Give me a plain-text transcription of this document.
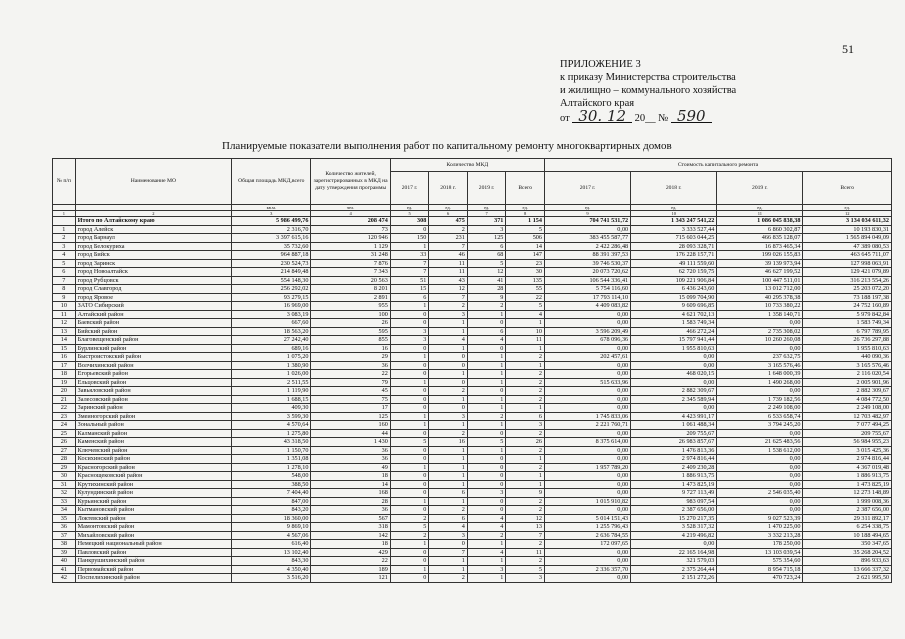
51
ПРИЛОЖЕНИЕ 3
к приказу Министерства строительства
и жилищно – коммунального хозяйства
Алтайского края
от 30. 12 20__ № 590
Планируемые показатели выполнения работ по капитальному ремонту многоквартирных домов
№ п/п	Наименование МО	Общая площадь МКД,всего	Количество жителей, зарегистрированных в МКД на дату утверждения программы	Количество МКД				Стоимость капитального ремонта			
				2017 г.	2018 г.	2019 г.	Всего	2017 г.	2018 г.	2019 г.	Всего
		кв.м.	чел.	ед.	ед.	ед.	ед.	ед.	ед.	ед.	ед.
1	2	3	4	5	6	7	8	9	10	11	12
	Итого по Алтайскому краю	5 986 499,76	208 474	308	475	371	1 154	704 741 531,72	1 343 247 541,22	1 086 045 838,38	3 134 034 611,32
1	город Алейск	2 316,70	73	0	2	3	5	0,00	3 333 527,44	6 860 302,87	10 193 830,31
2	город Барнаул	3 397 615,16	120 946	150	231	125	506	383 455 587,77	715 603 044,25	466 835 128,07	1 565 894 049,09
3	город Белокуриха	35 732,60	1 129	1	7	6	14	2 422 286,48	28 093 328,71	16 873 465,34	47 389 080,53
4	город Бийск	964 887,18	31 248	33	46	68	147	88 391 397,53	176 228 157,71	199 026 155,83	463 645 711,07
5	город Заринск	230 524,73	7 876	7	11	5	23	39 746 530,37	49 111 559,60	39 139 973,94	127 998 063,91
6	город Новоалтайск	214 849,48	7 343	7	11	12	30	20 073 720,62	62 720 159,75	46 627 199,52	129 421 079,89
7	город Рубцовск	554 148,30	20 563	51	43	41	135	106 544 336,41	109 221 906,84	100 447 511,01	316 213 554,26
8	город Славгород	256 292,02	8 201	15	12	28	55	5 754 116,60	6 436 243,60	13 012 712,00	25 203 072,20
9	город Яровое	93 279,15	2 891	6	7	9	22	17 793 114,10	15 099 704,90	40 295 378,38	73 188 197,38
10	ЗАТО Сибирский	16 969,00	955	1	2	2	5	4 409 083,82	9 609 696,85	10 733 380,22	24 752 160,89
11	Алтайский район	3 083,19	100	0	3	1	4	0,00	4 621 702,13	1 358 140,71	5 979 842,84
12	Баевский район	667,60	26	0	1	0	1	0,00	1 583 749,34	0,00	1 583 749,34
13	Бийский район	18 563,20	595	3	1	6	10	3 596 209,49	466 272,24	2 735 308,02	6 797 789,95
14	Благовещенский район	27 242,40	855	3	4	4	11	678 096,36	15 797 941,44	10 260 260,08	26 736 297,88
15	Бурлинский район	689,16	16	0	1	0	1	0,00	1 955 810,63	0,00	1 955 810,63
16	Быстроистокский район	1 075,20	29	1	0	1	2	202 457,61	0,00	237 632,75	440 090,36
17	Волчихинский район	1 380,90	36	0	0	1	1	0,00	0,00	3 165 576,46	3 165 576,46
18	Егорьевский район	1 026,00	22	0	1	1	2	0,00	468 020,15	1 648 000,39	2 116 020,54
19	Ельцовский район	2 511,55	79	1	0	1	2	515 633,96	0,00	1 490 268,00	2 005 901,96
20	Завьяловский район	1 119,90	45	0	2	0	2	0,00	2 882 309,67	0,00	2 882 309,67
21	Залесовский район	1 688,15	75	0	1	1	2	0,00	2 345 589,94	1 739 182,56	4 084 772,50
22	Заринский район	409,30	17	0	0	1	1	0,00	0,00	2 249 108,00	2 249 108,00
23	Змеиногорский район	3 599,30	125	1	3	2	6	1 745 833,06	4 423 991,17	6 533 658,74	12 703 482,97
24	Зональный район	4 570,64	160	1	1	1	3	2 221 760,71	1 061 488,34	3 794 245,20	7 077 494,25
25	Калманский район	1 275,80	44	0	2	0	2	0,00	209 755,67	0,00	209 755,67
26	Каменский район	43 318,50	1 430	5	16	5	26	8 375 614,00	26 983 857,67	21 625 483,56	56 984 955,23
27	Ключевский район	1 150,70	36	0	1	1	2	0,00	1 476 813,36	1 538 612,00	3 015 425,36
28	Косихинский район	1 351,08	36	0	1	0	1	0,00	2 974 816,44	0,00	2 974 816,44
29	Красногорский район	1 278,10	49	1	1	0	2	1 957 789,20	2 409 230,28	0,00	4 367 019,48
30	Краснощековский район	548,00	18	0	1	0	1	0,00	1 886 913,75	0,00	1 886 913,75
31	Крутихинский район	388,50	14	0	1	0	1	0,00	1 473 825,19	0,00	1 473 825,19
32	Кулундинский район	7 404,40	168	0	6	3	9	0,00	9 727 113,49	2 546 035,40	12 273 148,89
33	Курьинский район	847,00	28	1	1	0	2	1 015 910,82	983 097,54	0,00	1 999 008,36
34	Кытмановский район	843,20	36	0	2	0	2	0,00	2 387 656,00	0,00	2 387 656,00
35	Локтевский район	18 360,00	567	2	6	4	12	5 014 151,43	15 270 217,35	9 027 523,39	29 311 892,17
36	Мамонтовский район	9 869,10	318	5	4	4	13	1 255 796,43	3 528 317,32	1 470 225,00	6 254 338,75
37	Михайловский район	4 567,06	142	2	3	2	7	2 636 784,55	4 219 496,82	3 332 213,28	10 188 494,65
38	Немецкий национальный район	616,40	18	1	0	1	2	172 097,65	0,00	178 250,00	350 347,65
39	Павловский район	13 102,40	429	0	7	4	11	0,00	22 165 164,98	13 103 039,54	35 268 204,52
40	Панкрушихинский район	843,30	22	0	1	1	2	0,00	321 579,03	575 354,60	896 933,63
41	Первомайский район	4 350,40	189	1	1	3	5	2 336 357,70	2 375 264,44	8 954 715,18	13 666 337,32
42	Поспелихинский район	3 516,20	121	0	2	1	3	0,00	2 151 272,26	470 723,24	2 621 995,50
